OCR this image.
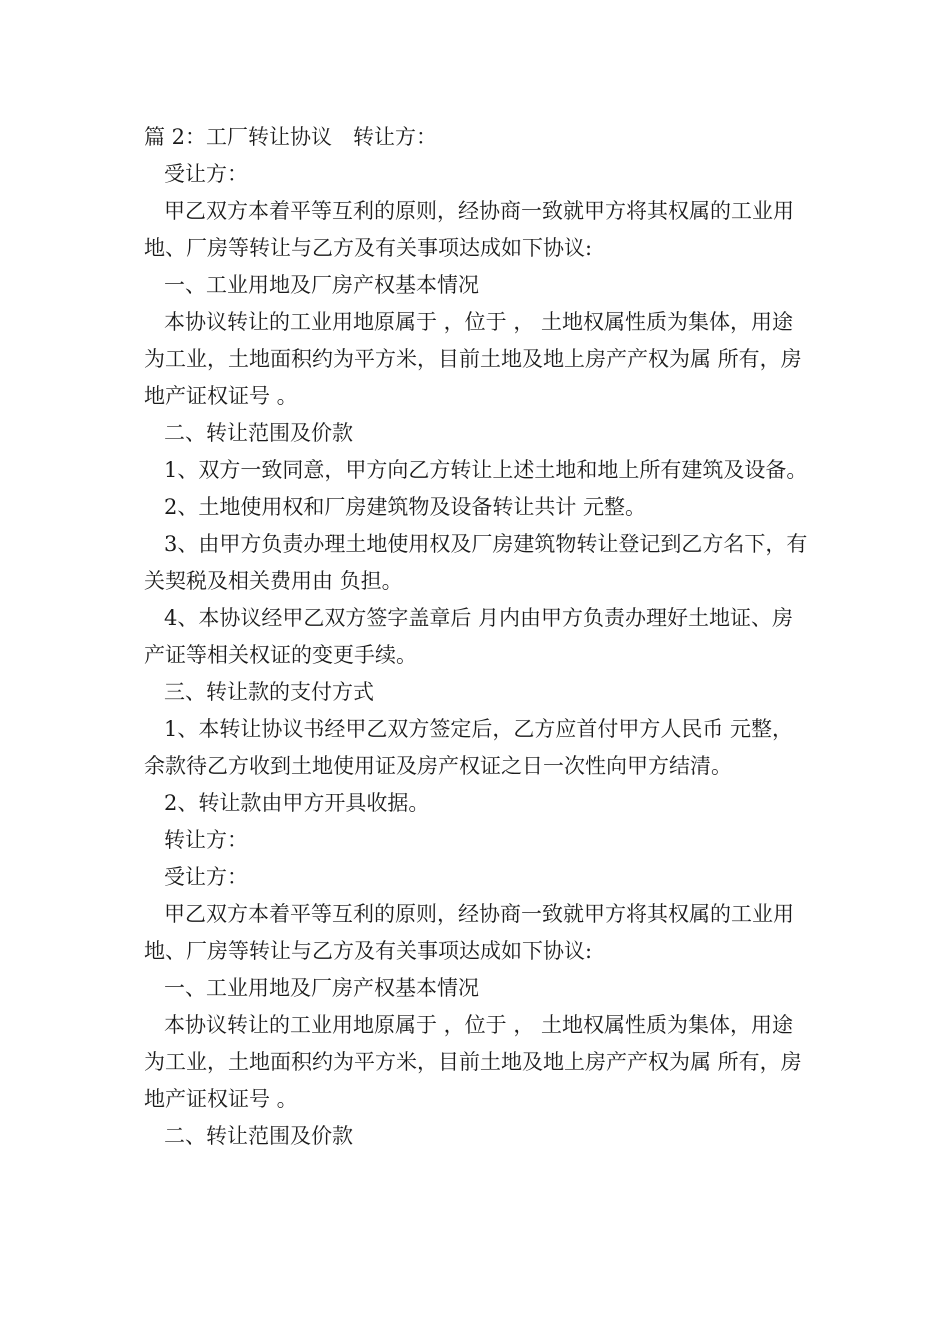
篇 2：工厂转让协议　转让方：

受让方：

甲乙双方本着平等互利的原则，经协商一致就甲方将其权属的工业用地、厂房等转让与乙方及有关事项达成如下协议:

一、工业用地及厂房产权基本情况

本协议转让的工业用地原属于 ，位于 ， 土地权属性质为集体，用途为工业，土地面积约为平方米，目前土地及地上房产产权为属 所有，房地产证权证号 。

二、转让范围及价款

1、双方一致同意，甲方向乙方转让上述土地和地上所有建筑及设备。

2、土地使用权和厂房建筑物及设备转让共计 元整。

3、由甲方负责办理土地使用权及厂房建筑物转让登记到乙方名下，有关契税及相关费用由 负担。

4、本协议经甲乙双方签字盖章后 月内由甲方负责办理好土地证、房产证等相关权证的变更手续。

三、转让款的支付方式

1、本转让协议书经甲乙双方签定后，乙方应首付甲方人民币 元整，余款待乙方收到土地使用证及房产权证之日一次性向甲方结清。

2、转让款由甲方开具收据。

转让方：

受让方：

甲乙双方本着平等互利的原则，经协商一致就甲方将其权属的工业用地、厂房等转让与乙方及有关事项达成如下协议:

一、工业用地及厂房产权基本情况

本协议转让的工业用地原属于 ，位于 ， 土地权属性质为集体，用途为工业，土地面积约为平方米，目前土地及地上房产产权为属 所有，房地产证权证号 。

二、转让范围及价款
